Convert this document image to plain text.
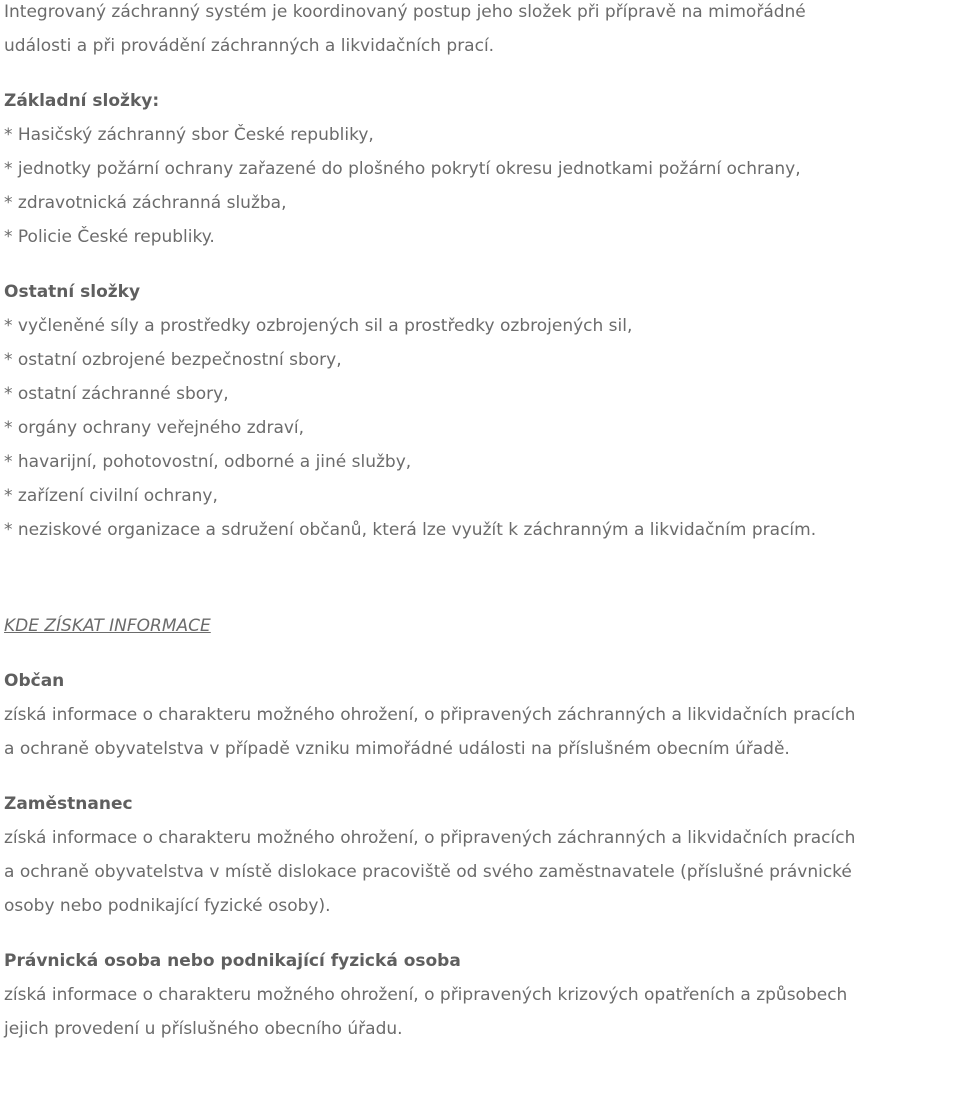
Integrovaný záchranný systém je koordinovaný postup jeho složek při přípravě na mimořádné
události a při provádění záchranných a likvidačních prací.
Základní složky:
* Hasičský záchranný sbor České republiky,
* jednotky požární ochrany zařazené do plošného pokrytí okresu jednotkami požární ochrany,
* zdravotnická záchranná služba,
* Policie České republiky.
Ostatní složky
* vyčleněné síly a prostředky ozbrojených sil a prostředky ozbrojených sil,
* ostatní ozbrojené bezpečnostní sbory,
* ostatní záchranné sbory,
* orgány ochrany veřejného zdraví,
* havarijní, pohotovostní, odborné a jiné služby,
* zařízení civilní ochrany,
* neziskové organizace a sdružení občanů, která lze využít k záchranným a likvidačním pracím.
KDE ZÍSKAT INFORMACE
Občan
získá informace o charakteru možného ohrožení, o připravených záchranných a likvidačních pracích
a ochraně obyvatelstva v případě vzniku mimořádné události na příslušném obecním úřadě.
Zaměstnanec
získá informace o charakteru možného ohrožení, o připravených záchranných a likvidačních pracích
a ochraně obyvatelstva v místě dislokace pracoviště od svého zaměstnavatele (příslušné právnické
osoby nebo podnikající fyzické osoby).
Právnická osoba nebo podnikající fyzická osoba
získá informace o charakteru možného ohrožení, o připravených krizových opatřeních a způsobech
jejich provedení u příslušného obecního úřadu.
